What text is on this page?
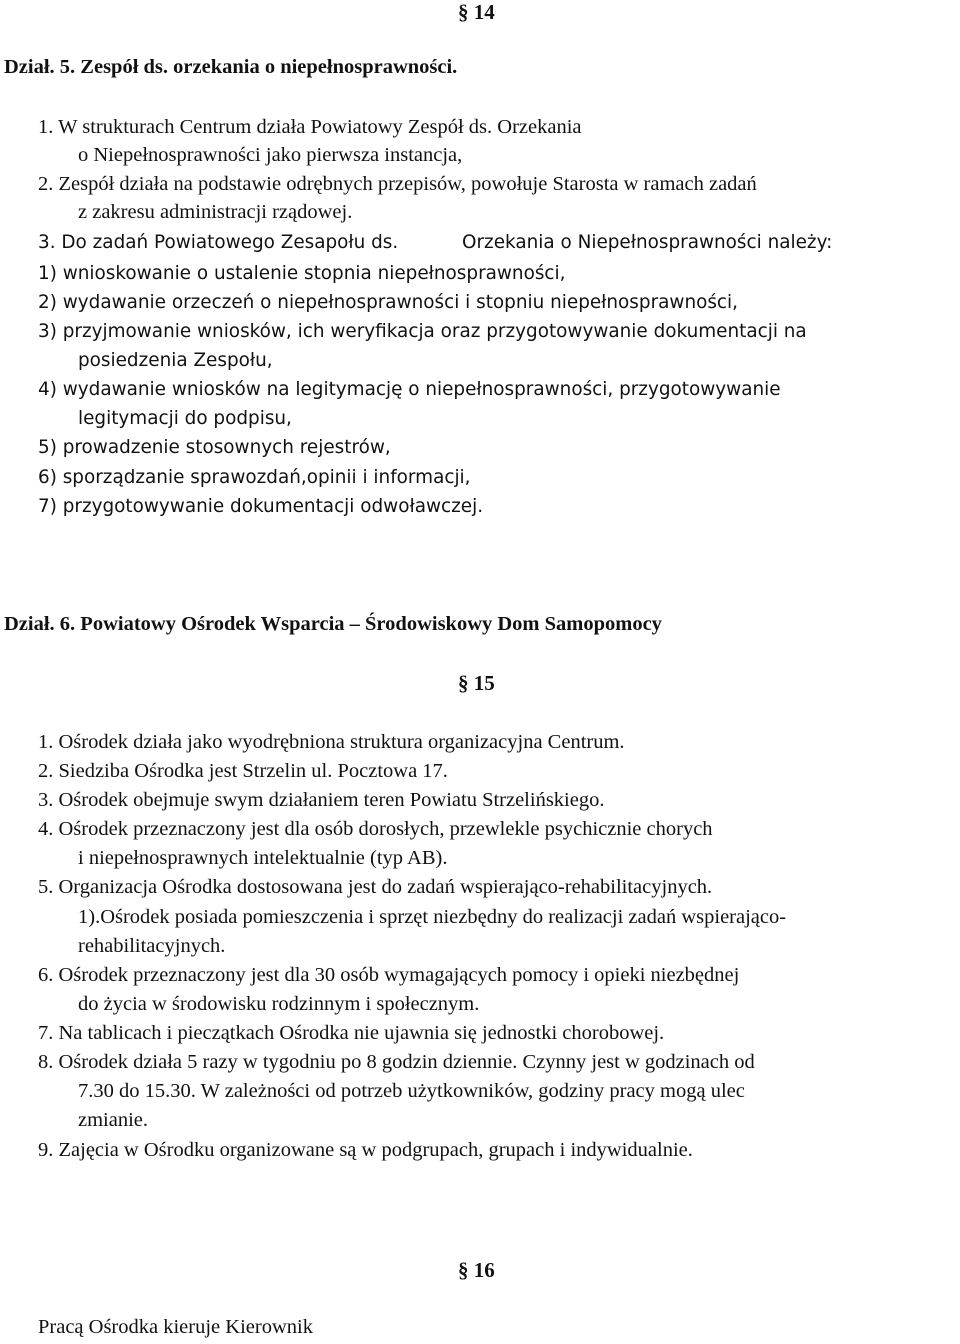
§ 14
Dział. 5. Zespół ds. orzekania o niepełnosprawności.
1. W strukturach Centrum działa Powiatowy Zespół ds. Orzekania
o Niepełnosprawności jako pierwsza instancja,
2. Zespół działa na podstawie odrębnych przepisów, powołuje Starosta w ramach zadań
z zakresu administracji rządowej.
3. Do zadań Powiatowego Zesapołu ds.	Orzekania o Niepełnosprawności należy:
1) wnioskowanie o ustalenie stopnia niepełnosprawności,
2) wydawanie orzeczeń o niepełnosprawności i stopniu niepełnosprawności,
3) przyjmowanie wniosków, ich weryfikacja oraz przygotowywanie dokumentacji na
posiedzenia Zespołu,
4) wydawanie wniosków na legitymację o niepełnosprawności, przygotowywanie
legitymacji do podpisu,
5) prowadzenie stosownych rejestrów,
6) sporządzanie sprawozdań,opinii i informacji,
7) przygotowywanie dokumentacji odwoławczej.
Dział. 6. Powiatowy Ośrodek Wsparcia – Środowiskowy Dom Samopomocy
§ 15
1. Ośrodek działa jako wyodrębniona struktura organizacyjna Centrum.
2. Siedziba Ośrodka jest Strzelin ul. Pocztowa 17.
3. Ośrodek obejmuje swym działaniem teren Powiatu Strzelińskiego.
4. Ośrodek przeznaczony jest dla osób dorosłych, przewlekle psychicznie chorych
i niepełnosprawnych intelektualnie (typ AB).
5. Organizacja Ośrodka dostosowana jest do zadań wspierająco-rehabilitacyjnych.
1).Ośrodek posiada pomieszczenia i sprzęt niezbędny do realizacji zadań wspierająco-
rehabilitacyjnych.
6. Ośrodek przeznaczony jest dla 30 osób wymagających pomocy i opieki niezbędnej
do życia w środowisku rodzinnym i społecznym.
7. Na tablicach i pieczątkach Ośrodka nie ujawnia się jednostki chorobowej.
8. Ośrodek działa 5 razy w tygodniu po 8 godzin dziennie. Czynny jest w godzinach od
7.30 do 15.30. W zależności od potrzeb użytkowników, godziny pracy mogą ulec
zmianie.
9. Zajęcia w Ośrodku organizowane są w podgrupach, grupach i indywidualnie.
§ 16
Pracą Ośrodka kieruje Kierownik
